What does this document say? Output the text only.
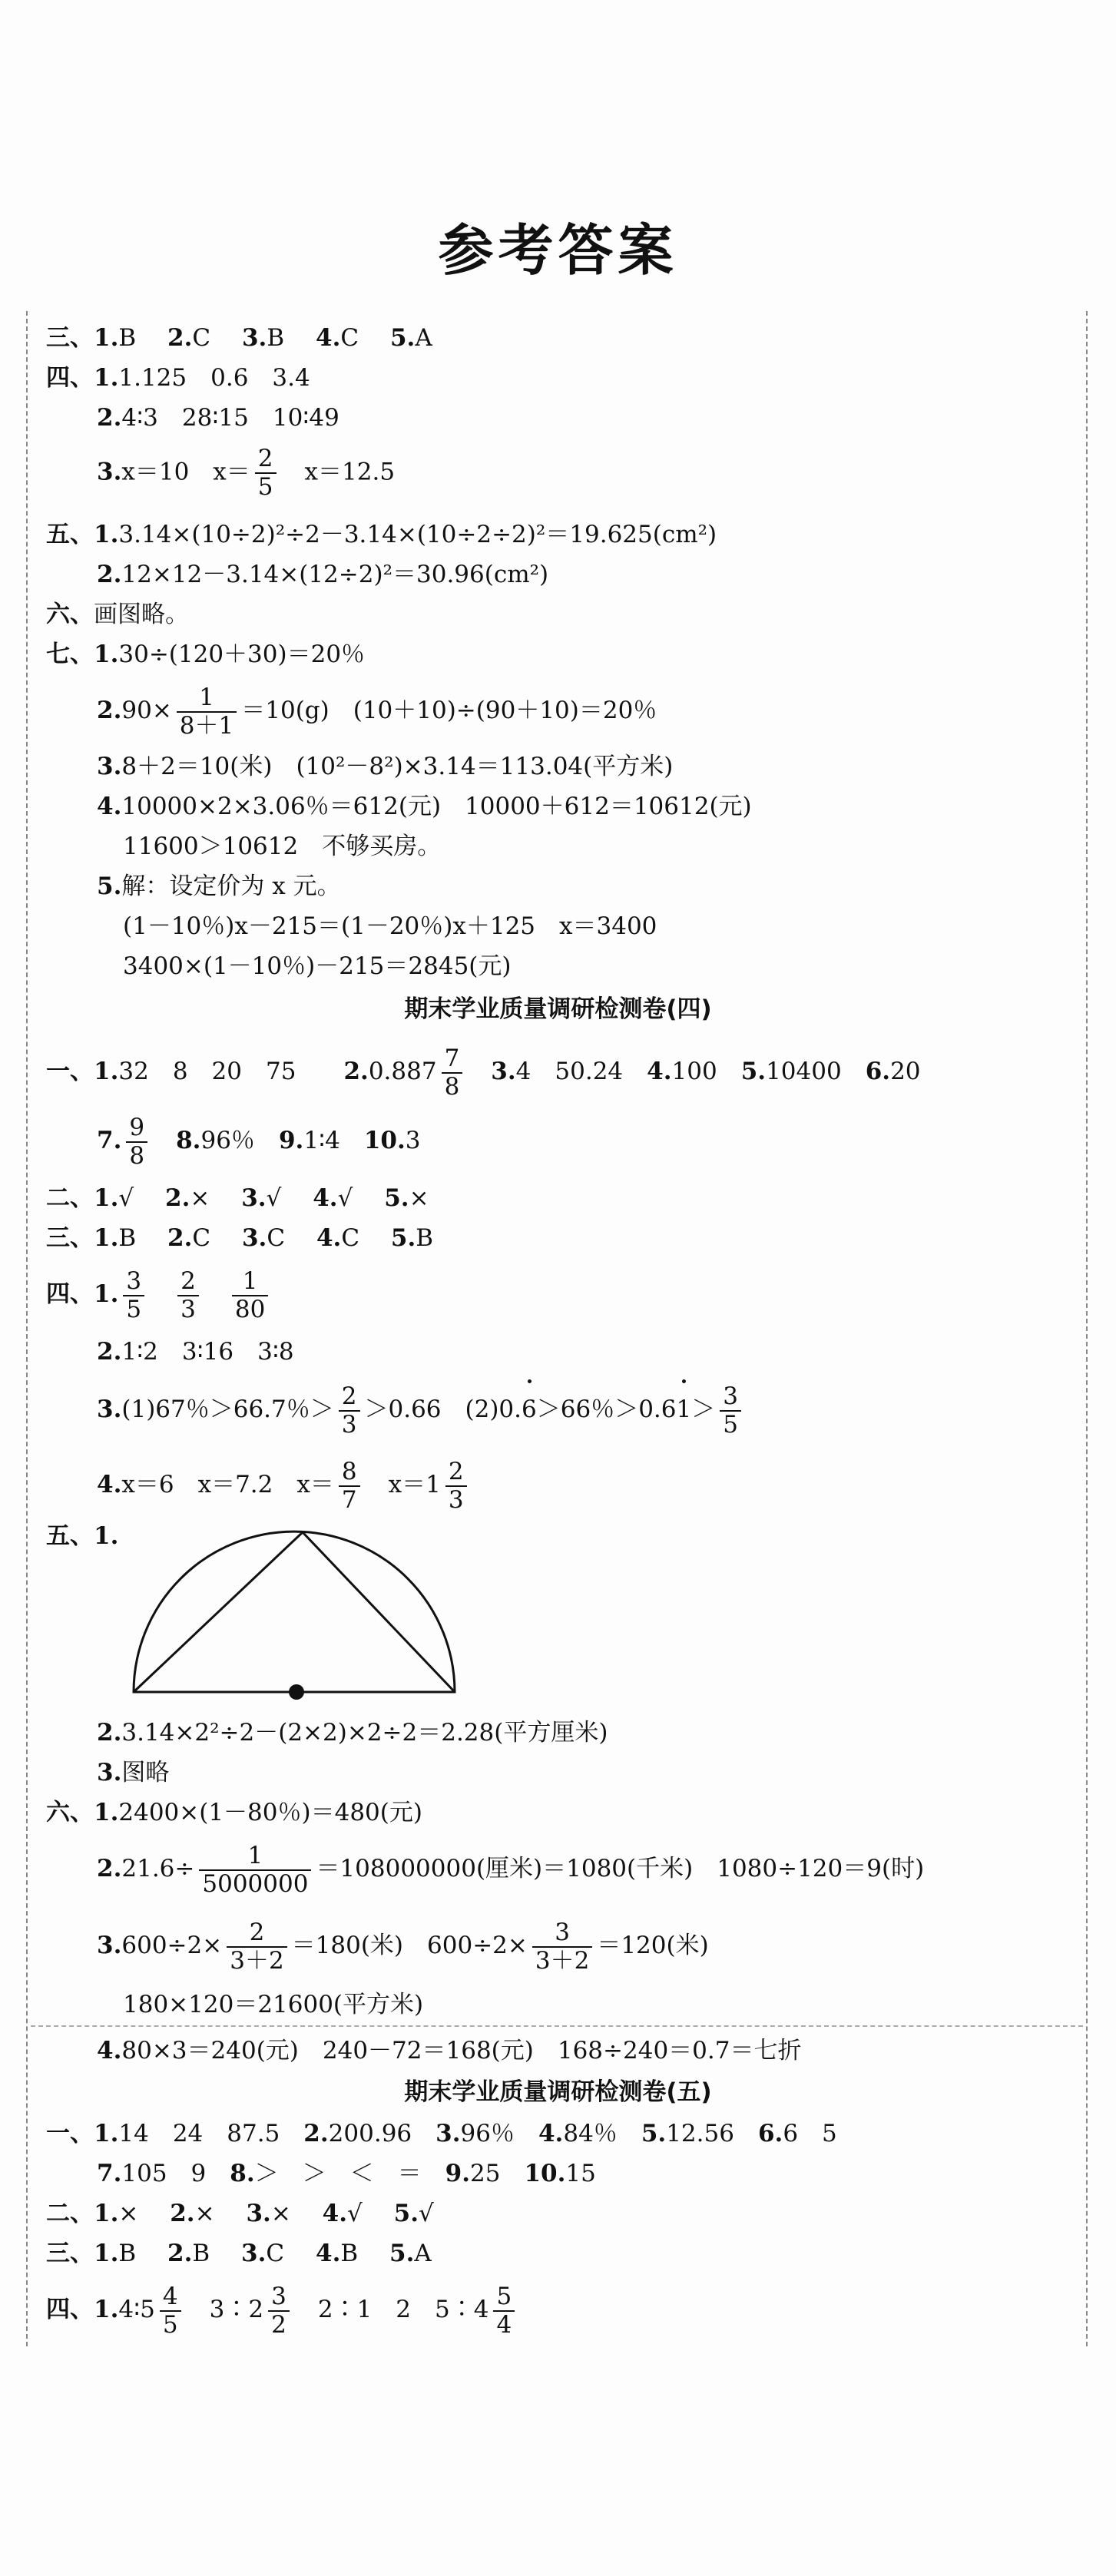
参考答案
三、1.B　 2.C　 3.B　 4.C　 5.A
四、1.1.125　0.6　3.4
2.4∶3　28∶15　10∶49
3.x＝10　$x= \frac{2}{5}$
　 x＝12.5
五、1.3.14×(10÷2)²÷2－3.14×(10÷2÷2)²＝19.625(cm²)
2.12×12－3.14×(12÷2)²＝30.96(cm²)
六、画图略。
七、1.30÷(120＋30)＝20％
$2.90\times \frac{1}{8+1} =10(g)$　(10＋10)÷(90＋10)＝20％
3.8＋2＝10(米)　(10²－8²)×3.14＝113.04(平方米)
4.10000×2×3.06％＝612(元)　10000＋612＝10612(元)
11600＞10612　不够买房。
5.解：设定价为 x 元。
(1－10％)x－215＝(1－20％)x＋125　x＝3400
3400×(1－10％)－215＝2845(元)
期末学业质量调研检测卷(四)
一、1.32　8　20　75　　 $2.0.887 \frac{7}{8}$
　 3.4　50.24　 4.100　 5.10400　 6.20
7. $\frac{9}{8}$
　 8.96％　 9.1∶4　 10.3
二、1.√　 2.×　 3.√　 4.√　 5.×
三、1.B　 2.C　 3.C　 4.C　 5.B
四、1. $\frac{3}{5}$
　 $\frac{2}{3}$
　 $\frac{1}{80}$
2.1∶2　3∶16　3∶8
3.(1)67％＞66.7％＞ $\frac{2}{3} >0.66$　(2)0.6＞66％$>0.61> \frac{3}{5}$
4.x＝6　x＝7.2　$x= \frac{8}{7}$
　 $x=1 \frac{2}{3}$
五、1.
2.3.14×2²÷2－(2×2)×2÷2＝2.28(平方厘米)
3.图略
六、1.2400×(1－80％)＝480(元)
$2.21.6\div \frac{1}{5000000} =108000000$(厘米)＝1080(千米)　1080÷120＝9(时)
$3.600\div 2\times \frac{2}{3+2} =180$(米)　$600\div 2\times \frac{3}{3+2} =120$(米)
180×120＝21600(平方米)
4.80×3＝240(元)　240－72＝168(元)　168÷240＝0.7＝七折
期末学业质量调研检测卷(五)
一、1.14　24　87.5　 2.200.96　 3.96％　 4.84％　 5.12.56　 6.6　5
7.105　9　 8.＞　＞　＜　＝　 9.25　 10.15
二、1.×　 2.×　 3.×　 4.√　 5.√
三、1.B　 2.B　 3.C　 4.B　 5.A
四、1.4∶5 $\frac{4}{5}$
　 3∶2 $\frac{3}{2}$
　 2∶1　2　5∶4 $\frac{5}{4}$
